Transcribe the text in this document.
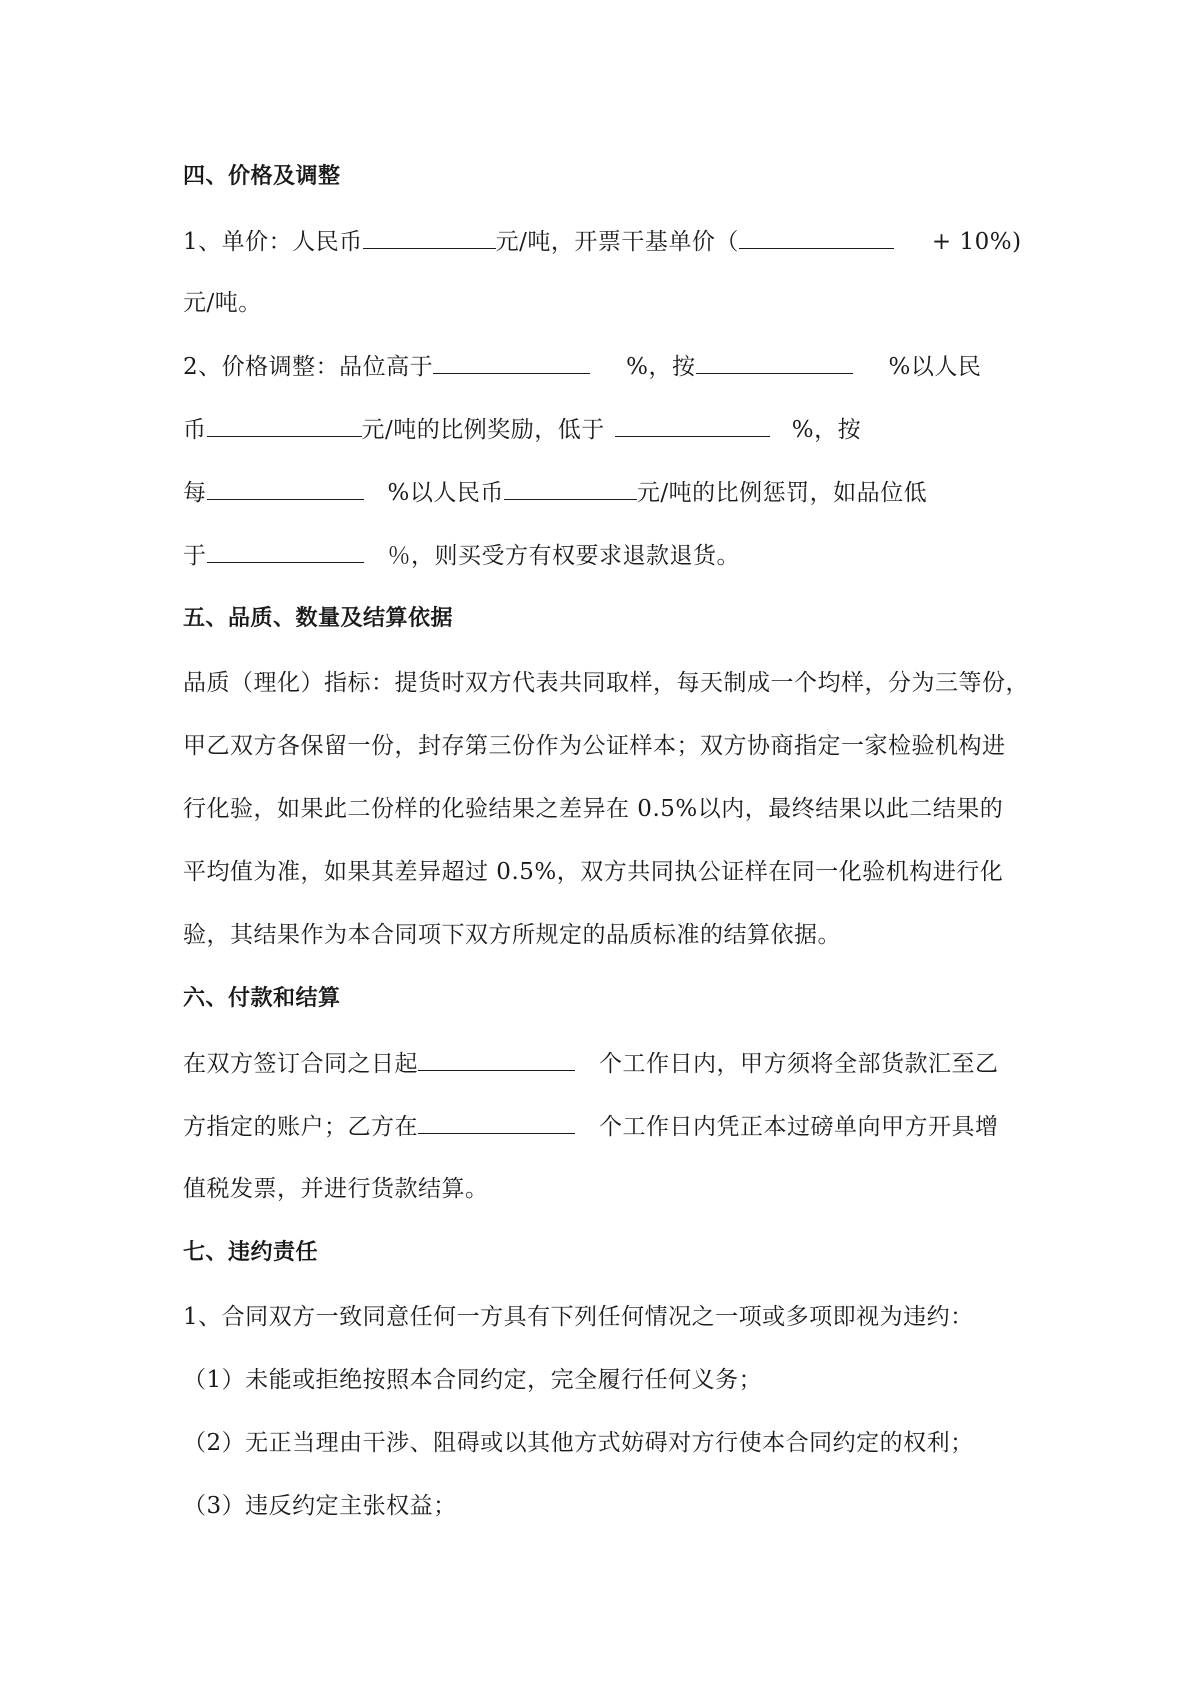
四、价格及调整
1、单价：人民币	元/吨，开票干基单价（	+ 10%)
元/吨。
2、价格调整：品位高于	%，按	%以人民
币	元/吨的比例奖励，低于	%，按
每	%以人民币	元/吨的比例惩罚，如品位低
于	％，则买受方有权要求退款退货。
五、品质、数量及结算依据
品质（理化）指标：提货时双方代表共同取样，每天制成一个均样，分为三等份，
甲乙双方各保留一份，封存第三份作为公证样本；双方协商指定一家检验机构进
行化验，如果此二份样的化验结果之差异在 0.5%以内，最终结果以此二结果的
平均值为准，如果其差异超过 0.5%，双方共同执公证样在同一化验机构进行化
验，其结果作为本合同项下双方所规定的品质标准的结算依据。
六、付款和结算
在双方签订合同之日起	个工作日内，甲方须将全部货款汇至乙
方指定的账户；乙方在	个工作日内凭正本过磅单向甲方开具增
值税发票，并进行货款结算。
七、违约责任
1、合同双方一致同意任何一方具有下列任何情况之一项或多项即视为违约：
（1）未能或拒绝按照本合同约定，完全履行任何义务；
（2）无正当理由干涉、阻碍或以其他方式妨碍对方行使本合同约定的权利；
（3）违反约定主张权益；
